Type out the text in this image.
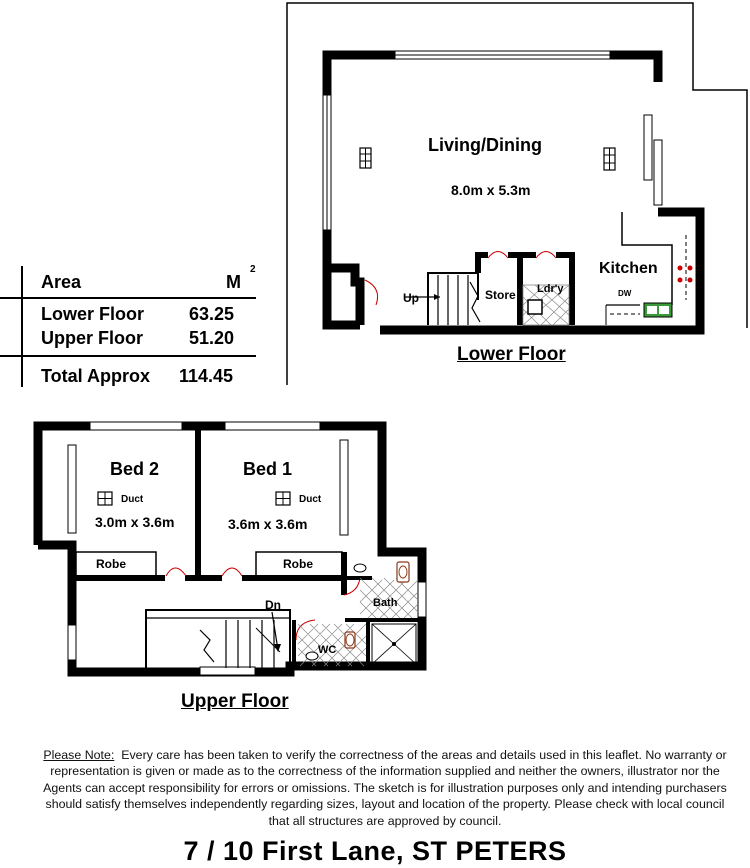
Living/Dining
8.0m x 5.3m
Kitchen
Store Ldr'y	DW
Up
Lower Floor
Bed 2
3.0m x 3.6m
Duct
Bed 1
3.6m x 3.6m
Duct
Robe	Robe
Bath
WC
Dn
Upper Floor
Area	M
2
Lower Floor	63.25
Upper Floor	51.20
Total Approx 114.45
Please Note: Every care has been taken to verify the correctness of the areas and details used in this leaflet. No warranty or representation is given or made as to the correctness of the information supplied and neither the owners, illustrator nor the Agents can accept responsibility for errors or omissions. The sketch is for illustration purposes only and intending purchasers should satisfy themselves independently regarding sizes, layout and location of the property. Please check with local council that all structures are approved by council.
7 / 10 First Lane, ST PETERS
